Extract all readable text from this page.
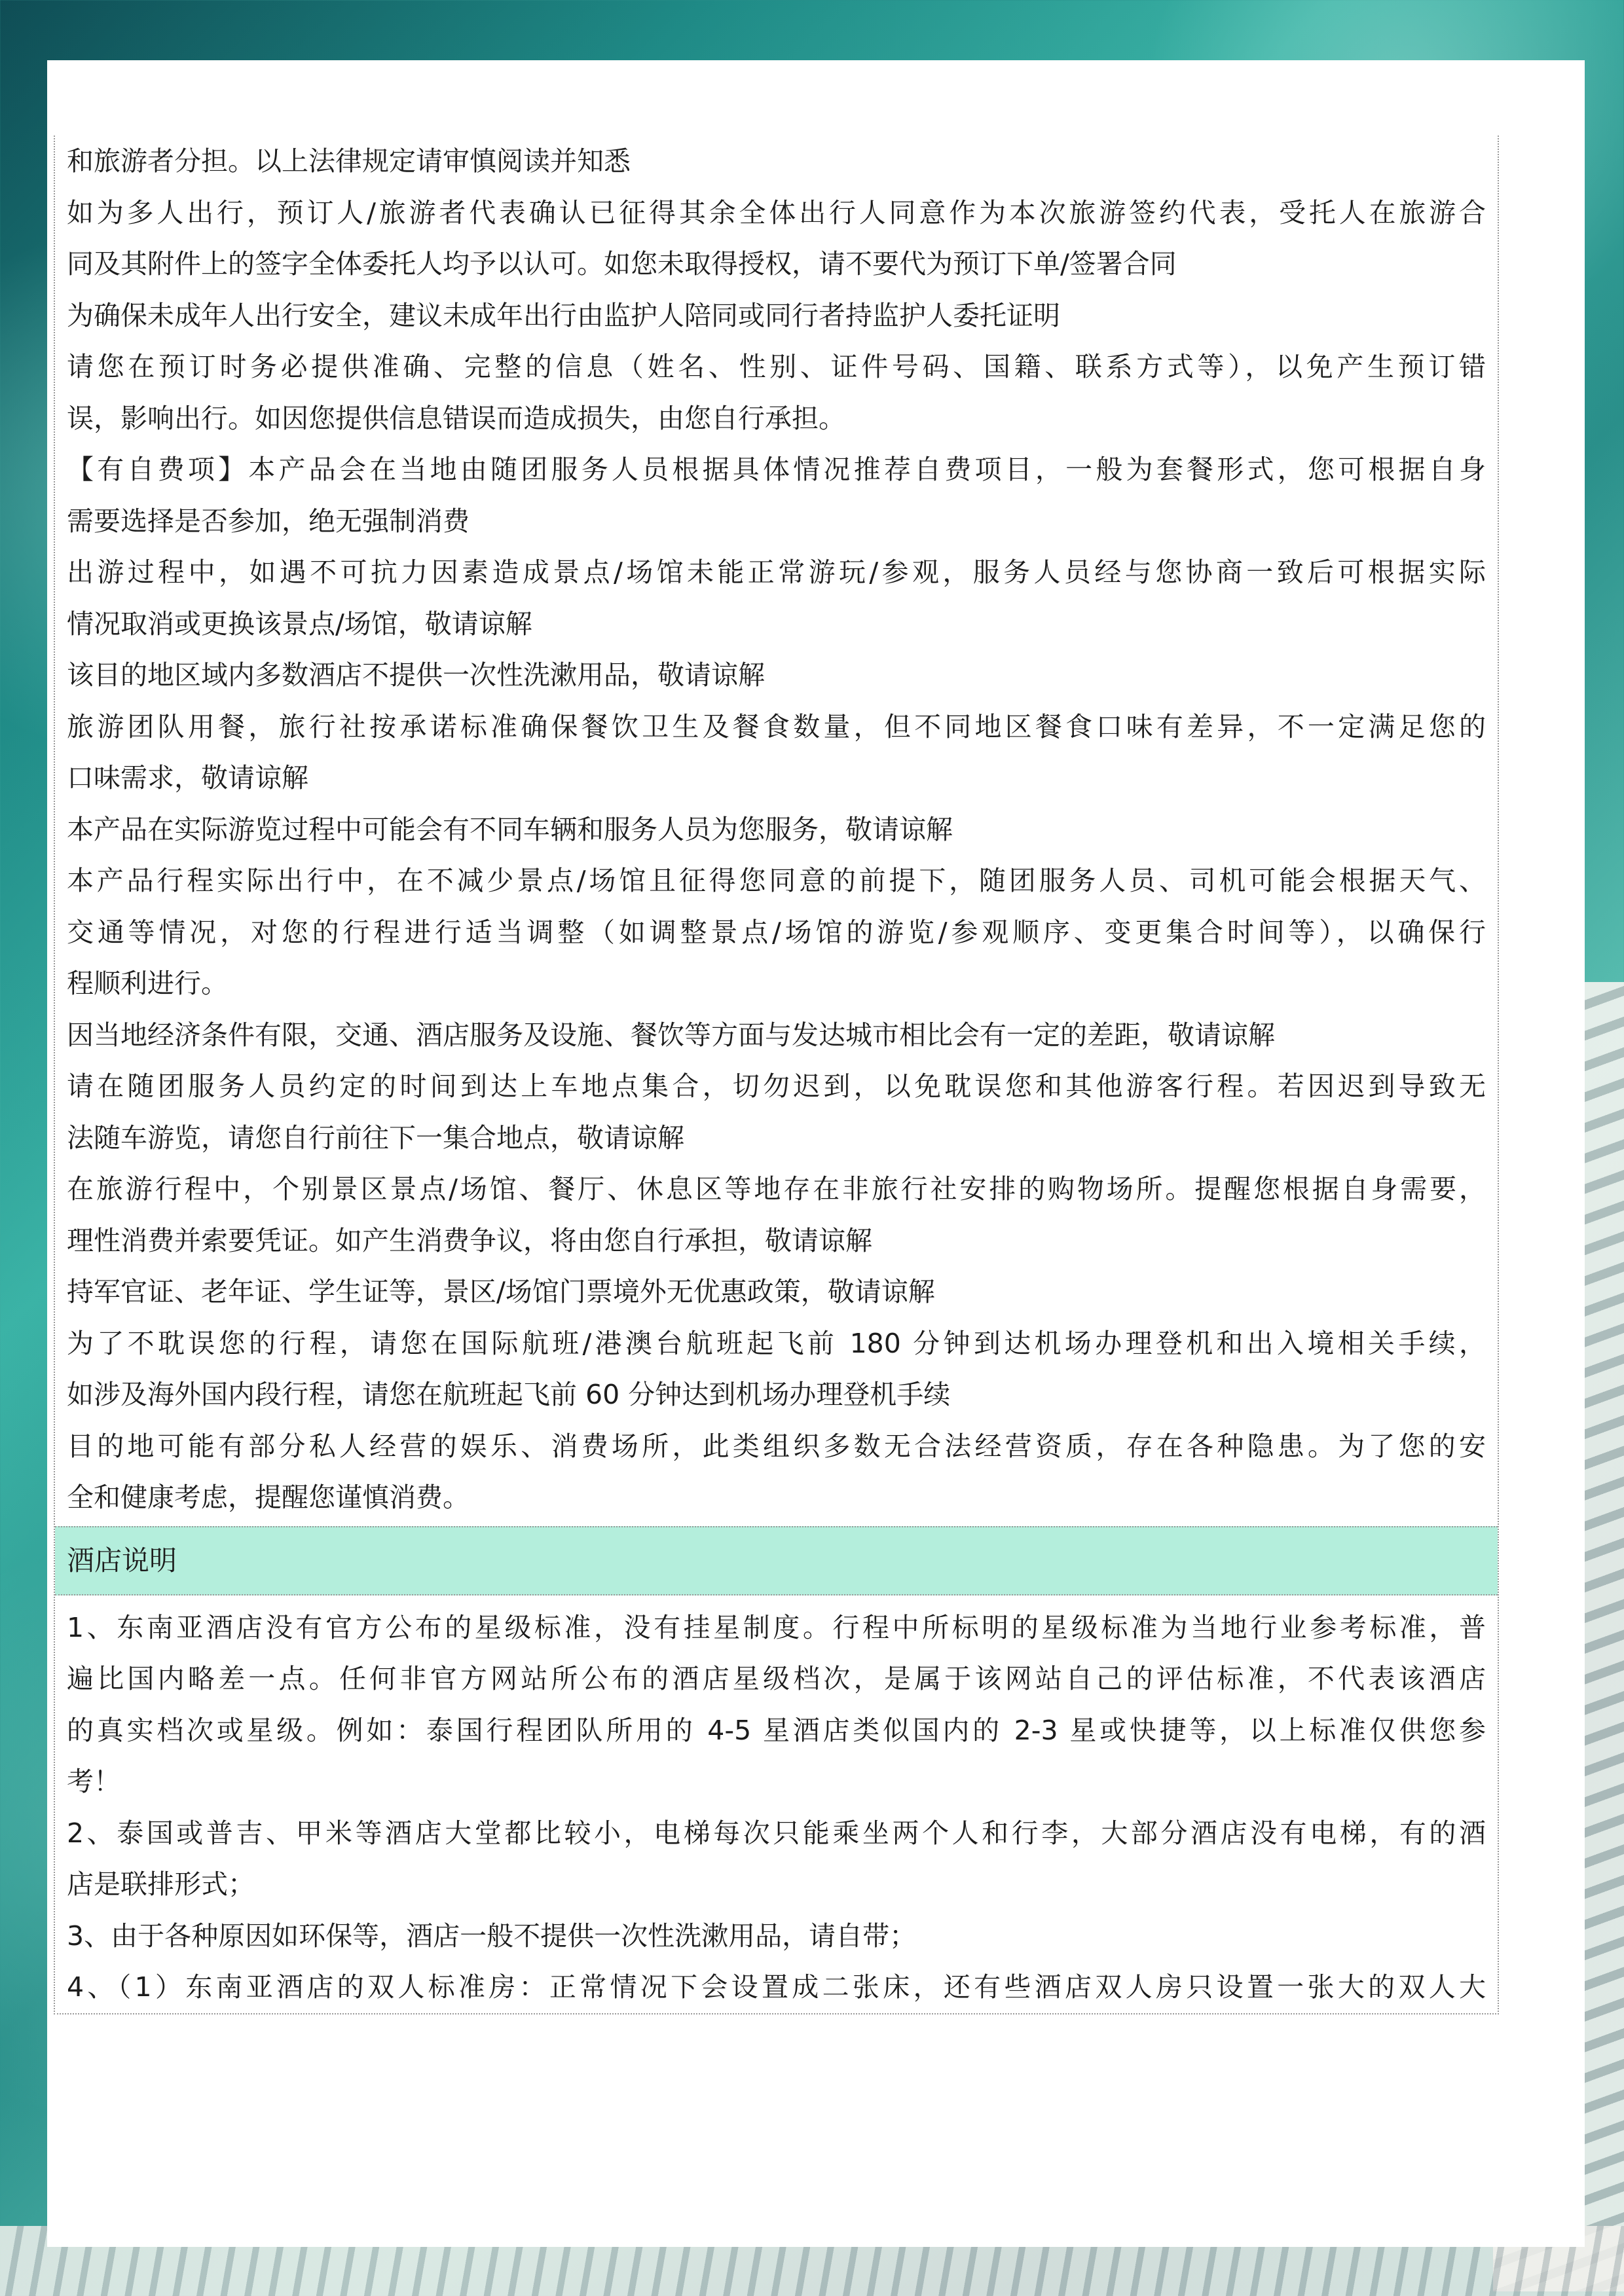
和旅游者分担。以上法律规定请审慎阅读并知悉
如为多人出行，预订人/旅游者代表确认已征得其余全体出行人同意作为本次旅游签约代表，受托人在旅游合
同及其附件上的签字全体委托人均予以认可。如您未取得授权，请不要代为预订下单/签署合同
为确保未成年人出行安全，建议未成年出行由监护人陪同或同行者持监护人委托证明
请您在预订时务必提供准确、完整的信息（姓名、性别、证件号码、国籍、联系方式等），以免产生预订错
误，影响出行。如因您提供信息错误而造成损失，由您自行承担。
【有自费项】本产品会在当地由随团服务人员根据具体情况推荐自费项目，一般为套餐形式，您可根据自身
需要选择是否参加，绝无强制消费
出游过程中，如遇不可抗力因素造成景点/场馆未能正常游玩/参观，服务人员经与您协商一致后可根据实际
情况取消或更换该景点/场馆，敬请谅解
该目的地区域内多数酒店不提供一次性洗漱用品，敬请谅解
旅游团队用餐，旅行社按承诺标准确保餐饮卫生及餐食数量，但不同地区餐食口味有差异，不一定满足您的
口味需求，敬请谅解
本产品在实际游览过程中可能会有不同车辆和服务人员为您服务，敬请谅解
本产品行程实际出行中，在不减少景点/场馆且征得您同意的前提下，随团服务人员、司机可能会根据天气、
交通等情况，对您的行程进行适当调整（如调整景点/场馆的游览/参观顺序、变更集合时间等），以确保行
程顺利进行。
因当地经济条件有限，交通、酒店服务及设施、餐饮等方面与发达城市相比会有一定的差距，敬请谅解
请在随团服务人员约定的时间到达上车地点集合，切勿迟到，以免耽误您和其他游客行程。若因迟到导致无
法随车游览，请您自行前往下一集合地点，敬请谅解
在旅游行程中，个别景区景点/场馆、餐厅、休息区等地存在非旅行社安排的购物场所。提醒您根据自身需要，
理性消费并索要凭证。如产生消费争议，将由您自行承担，敬请谅解
持军官证、老年证、学生证等，景区/场馆门票境外无优惠政策，敬请谅解
为了不耽误您的行程，请您在国际航班/港澳台航班起飞前 180 分钟到达机场办理登机和出入境相关手续，
如涉及海外国内段行程，请您在航班起飞前 60 分钟达到机场办理登机手续
目的地可能有部分私人经营的娱乐、消费场所，此类组织多数无合法经营资质，存在各种隐患。为了您的安
全和健康考虑，提醒您谨慎消费。
酒店说明
1、东南亚酒店没有官方公布的星级标准，没有挂星制度。行程中所标明的星级标准为当地行业参考标准，普
遍比国内略差一点。任何非官方网站所公布的酒店星级档次，是属于该网站自己的评估标准，不代表该酒店
的真实档次或星级。例如：泰国行程团队所用的 4-5 星酒店类似国内的 2-3 星或快捷等，以上标准仅供您参
考！
2、泰国或普吉、甲米等酒店大堂都比较小，电梯每次只能乘坐两个人和行李，大部分酒店没有电梯，有的酒
店是联排形式；
3、由于各种原因如环保等，酒店一般不提供一次性洗漱用品，请自带；
4、（1）东南亚酒店的双人标准房：正常情况下会设置成二张床，还有些酒店双人房只设置一张大的双人大
